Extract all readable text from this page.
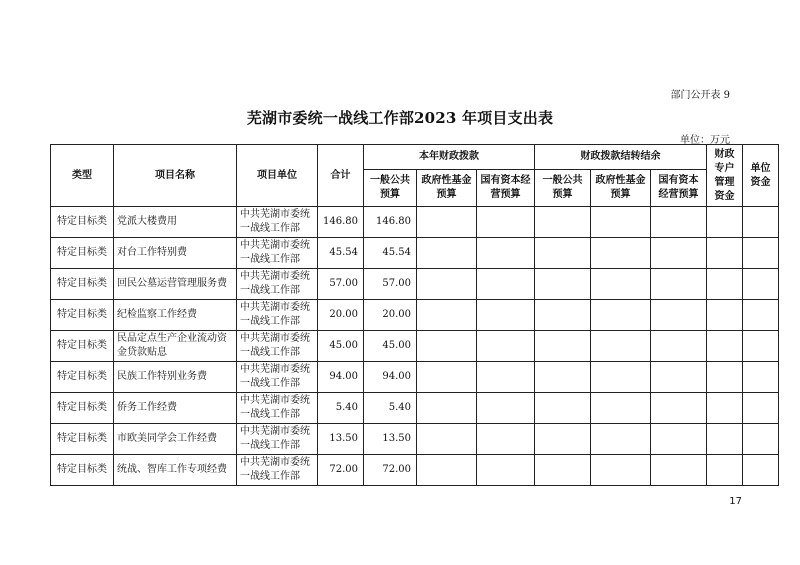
部门公开表 9
芜湖市委统一战线工作部2023 年项目支出表
单位：万元
类型	项目名称	项目单位	合计	本年财政拨款			财政拨款结转结余			财政专户管理资金	单位资金
				一般公共预算	政府性基金预算	国有资本经营预算	一般公共预算	政府性基金预算	国有资本经营预算		
特定目标类	党派大楼费用	中共芜湖市委统一战线工作部	146.80	146.80							
特定目标类	对台工作特别费	中共芜湖市委统一战线工作部	45.54	45.54							
特定目标类	回民公墓运营管理服务费	中共芜湖市委统一战线工作部	57.00	57.00							
特定目标类	纪检监察工作经费	中共芜湖市委统一战线工作部	20.00	20.00							
特定目标类	民品定点生产企业流动资金贷款贴息	中共芜湖市委统一战线工作部	45.00	45.00							
特定目标类	民族工作特别业务费	中共芜湖市委统一战线工作部	94.00	94.00							
特定目标类	侨务工作经费	中共芜湖市委统一战线工作部	5.40	5.40							
特定目标类	市欧美同学会工作经费	中共芜湖市委统一战线工作部	13.50	13.50							
特定目标类	统战、智库工作专项经费	中共芜湖市委统一战线工作部	72.00	72.00							
17
